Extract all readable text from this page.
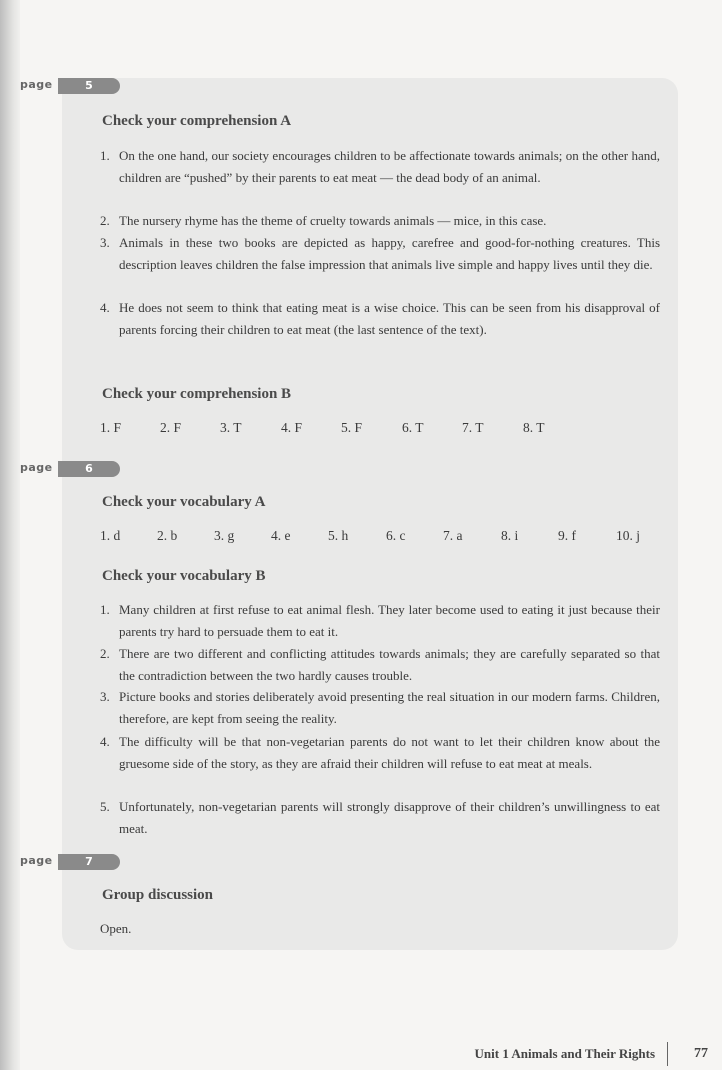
page	5
Check your comprehension A
1. On the one hand, our society encourages children to be affectionate towards animals; on the other hand, children are “pushed” by their parents to eat meat — the dead body of an animal.
2. The nursery rhyme has the theme of cruelty towards animals — mice, in this case.
3. Animals in these two books are depicted as happy, carefree and good-for-nothing creatures. This description leaves children the false impression that animals live simple and happy lives until they die.
4. He does not seem to think that eating meat is a wise choice. This can be seen from his disapproval of parents forcing their children to eat meat (the last sentence of the text).
Check your comprehension B
1. F	2. F	3. T	4. F	5. F	6. T	7. T	8. T
page	6
Check your vocabulary A
1. d	2. b	3. g	4. e	5. h	6. c	7. a	8. i	9. f	10. j
Check your vocabulary B
1. Many children at first refuse to eat animal flesh. They later become used to eating it just because their parents try hard to persuade them to eat it.
2. There are two different and conflicting attitudes towards animals; they are carefully separated so that the contradiction between the two hardly causes trouble.
3. Picture books and stories deliberately avoid presenting the real situation in our modern farms. Children, therefore, are kept from seeing the reality.
4. The difficulty will be that non-vegetarian parents do not want to let their children know about the gruesome side of the story, as they are afraid their children will refuse to eat meat at meals.
5. Unfortunately, non-vegetarian parents will strongly disapprove of their children’s unwillingness to eat meat.
page	7
Group discussion
Open.
Unit 1 Animals and Their Rights	77
